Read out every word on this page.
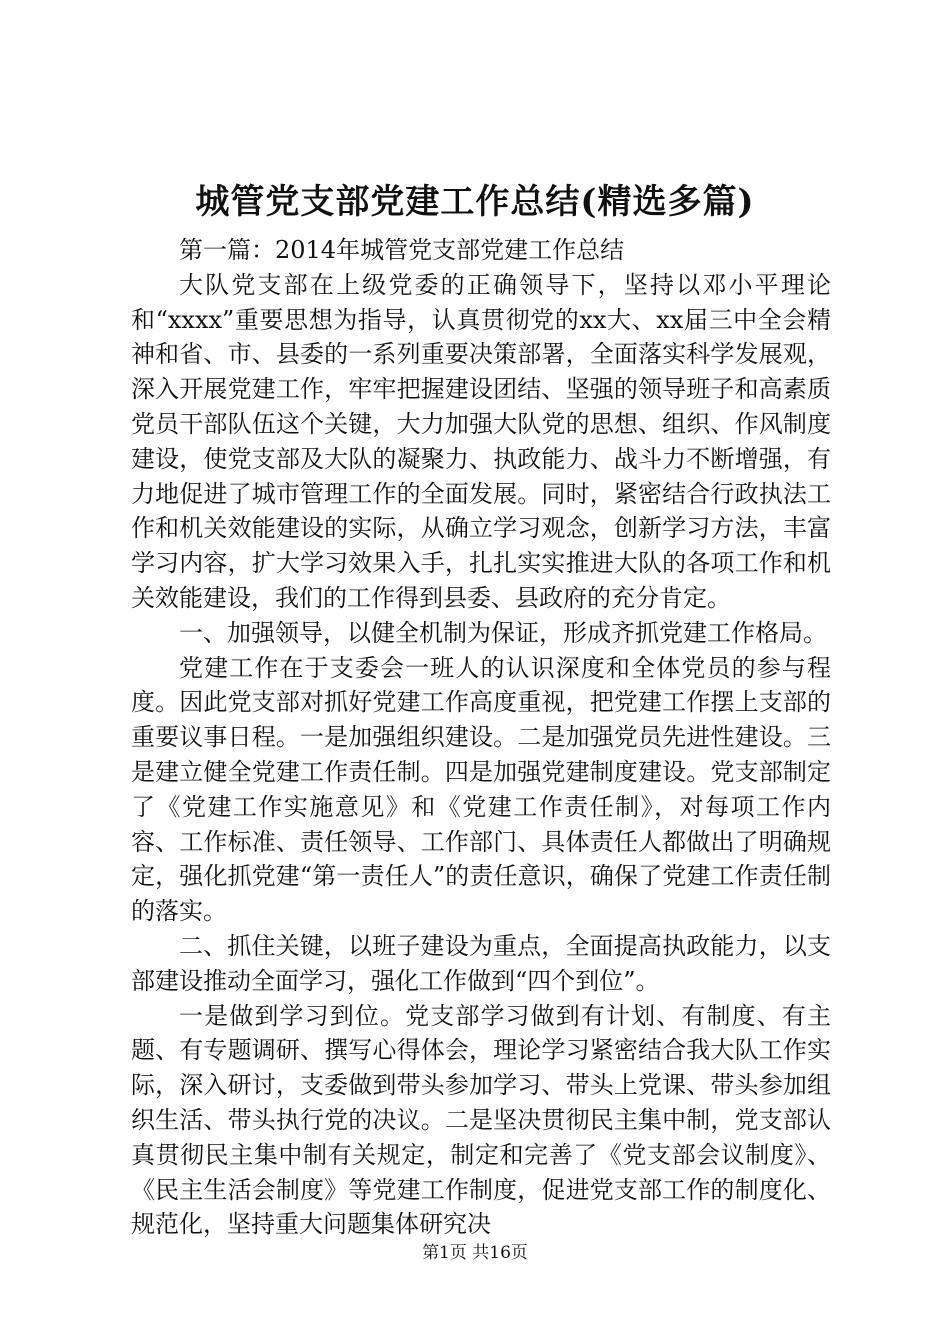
城管党支部党建工作总结(精选多篇)

第一篇：2014年城管党支部党建工作总结

大队党支部在上级党委的正确领导下，坚持以邓小平理论和“xxxx”重要思想为指导，认真贯彻党的xx大、xx届三中全会精神和省、市、县委的一系列重要决策部署，全面落实科学发展观，深入开展党建工作，牢牢把握建设团结、坚强的领导班子和高素质党员干部队伍这个关键，大力加强大队党的思想、组织、作风制度建设，使党支部及大队的凝聚力、执政能力、战斗力不断增强，有力地促进了城市管理工作的全面发展。同时，紧密结合行政执法工作和机关效能建设的实际，从确立学习观念，创新学习方法，丰富学习内容，扩大学习效果入手，扎扎实实推进大队的各项工作和机关效能建设，我们的工作得到县委、县政府的充分肯定。

一、加强领导，以健全机制为保证，形成齐抓党建工作格局。

党建工作在于支委会一班人的认识深度和全体党员的参与程度。因此党支部对抓好党建工作高度重视，把党建工作摆上支部的重要议事日程。一是加强组织建设。二是加强党员先进性建设。三是建立健全党建工作责任制。四是加强党建制度建设。党支部制定了《党建工作实施意见》和《党建工作责任制》，对每项工作内容、工作标准、责任领导、工作部门、具体责任人都做出了明确规定，强化抓党建“第一责任人”的责任意识，确保了党建工作责任制的落实。

二、抓住关键，以班子建设为重点，全面提高执政能力，以支部建设推动全面学习，强化工作做到“四个到位”。

一是做到学习到位。党支部学习做到有计划、有制度、有主题、有专题调研、撰写心得体会，理论学习紧密结合我大队工作实际，深入研讨，支委做到带头参加学习、带头上党课、带头参加组织生活、带头执行党的决议。二是坚决贯彻民主集中制，党支部认真贯彻民主集中制有关规定，制定和完善了《党支部会议制度》、《民主生活会制度》等党建工作制度，促进党支部工作的制度化、规范化，坚持重大问题集体研究决

第1页 共16页
